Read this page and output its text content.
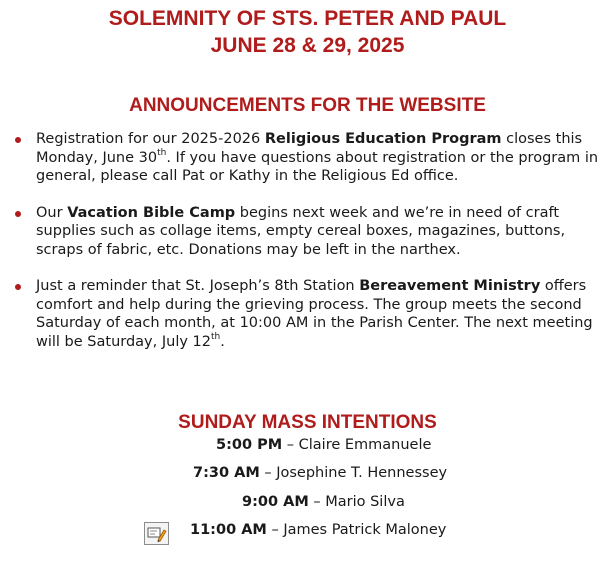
SOLEMNITY OF STS. PETER AND PAUL
JUNE 28 & 29, 2025
ANNOUNCEMENTS FOR THE WEBSITE
Registration for our 2025-2026 Religious Education Program closes this Monday, June 30th. If you have questions about registration or the program in general, please call Pat or Kathy in the Religious Ed office.
Our Vacation Bible Camp begins next week and we’re in need of craft supplies such as collage items, empty cereal boxes, magazines, buttons, scraps of fabric, etc. Donations may be left in the narthex.
Just a reminder that St. Joseph’s 8th Station Bereavement Ministry offers comfort and help during the grieving process. The group meets the second Saturday of each month, at 10:00 AM in the Parish Center. The next meeting will be Saturday, July 12th.
SUNDAY MASS INTENTIONS
5:00 PM – Claire Emmanuele
7:30 AM – Josephine T. Hennessey
9:00 AM – Mario Silva
11:00 AM – James Patrick Maloney
